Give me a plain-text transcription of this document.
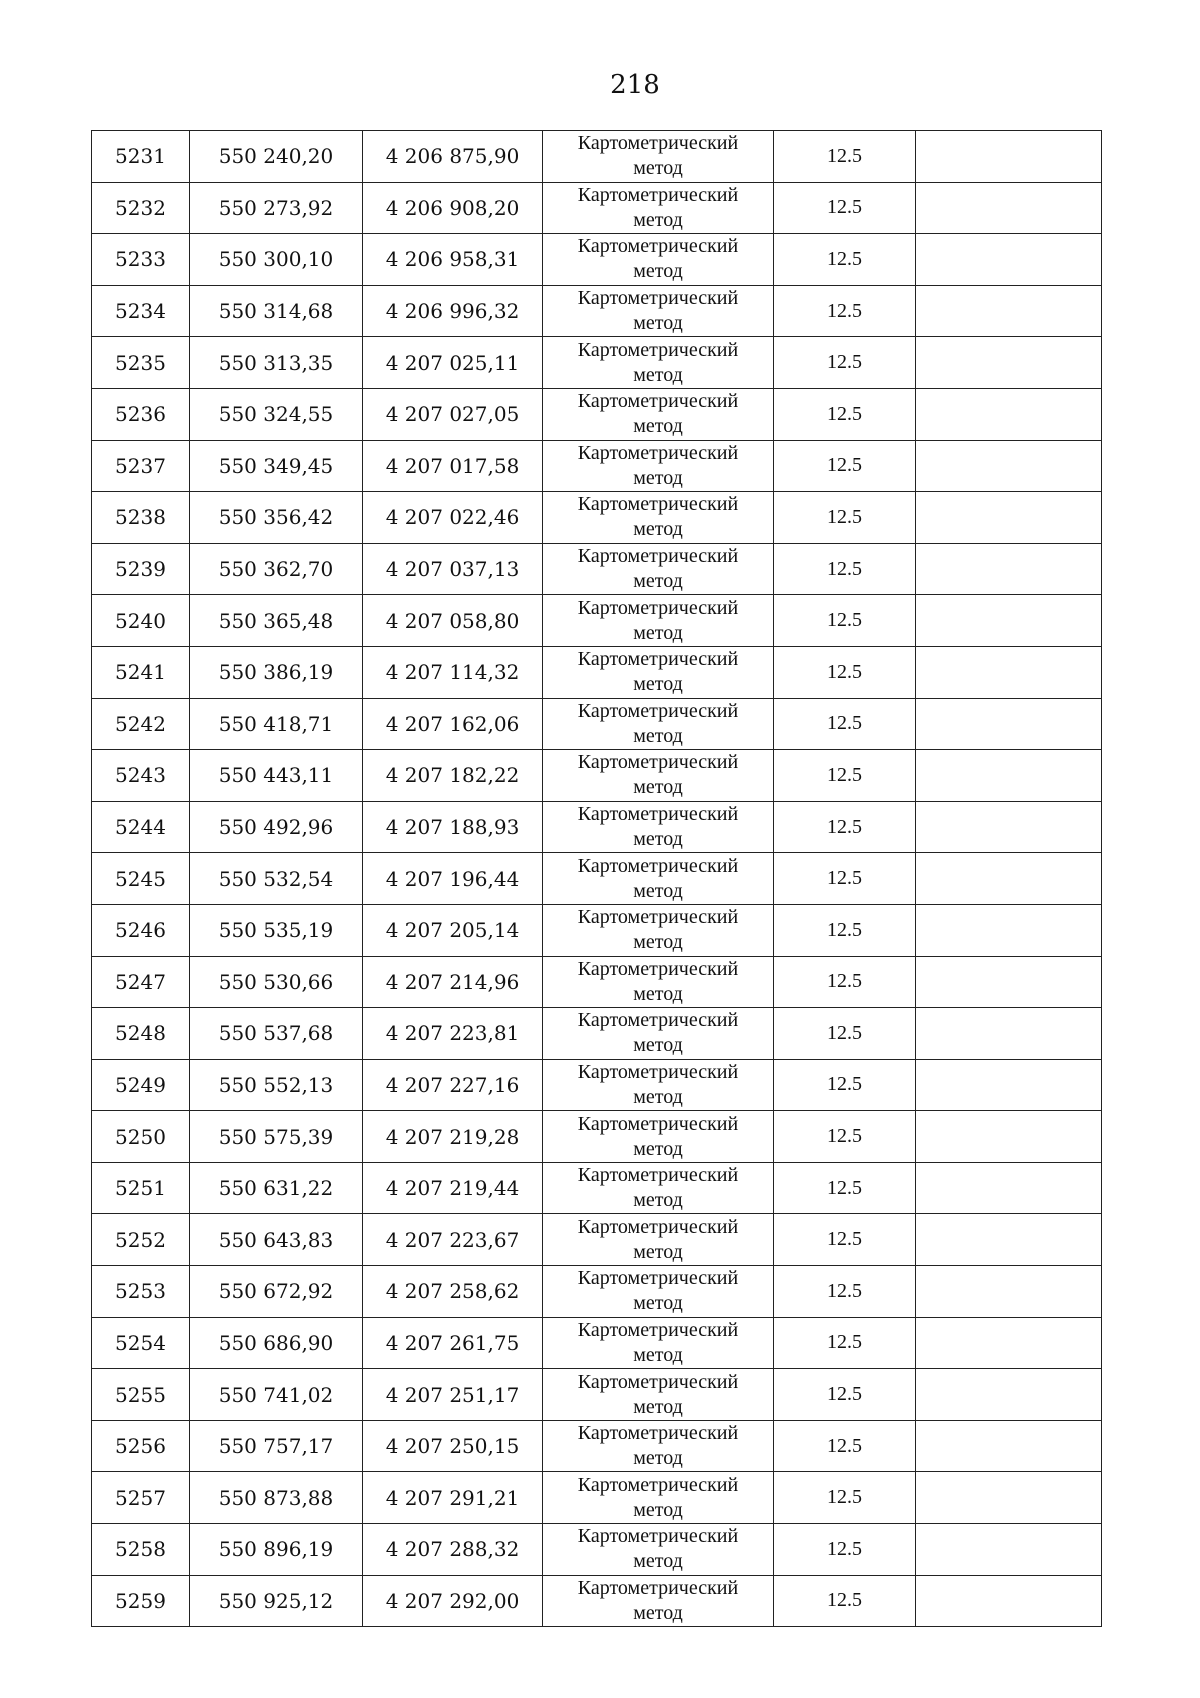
218
5231	550 240,20	4 206 875,90	Картометрический
метод	12.5	
5232	550 273,92	4 206 908,20	Картометрический
метод	12.5	
5233	550 300,10	4 206 958,31	Картометрический
метод	12.5	
5234	550 314,68	4 206 996,32	Картометрический
метод	12.5	
5235	550 313,35	4 207 025,11	Картометрический
метод	12.5	
5236	550 324,55	4 207 027,05	Картометрический
метод	12.5	
5237	550 349,45	4 207 017,58	Картометрический
метод	12.5	
5238	550 356,42	4 207 022,46	Картометрический
метод	12.5	
5239	550 362,70	4 207 037,13	Картометрический
метод	12.5	
5240	550 365,48	4 207 058,80	Картометрический
метод	12.5	
5241	550 386,19	4 207 114,32	Картометрический
метод	12.5	
5242	550 418,71	4 207 162,06	Картометрический
метод	12.5	
5243	550 443,11	4 207 182,22	Картометрический
метод	12.5	
5244	550 492,96	4 207 188,93	Картометрический
метод	12.5	
5245	550 532,54	4 207 196,44	Картометрический
метод	12.5	
5246	550 535,19	4 207 205,14	Картометрический
метод	12.5	
5247	550 530,66	4 207 214,96	Картометрический
метод	12.5	
5248	550 537,68	4 207 223,81	Картометрический
метод	12.5	
5249	550 552,13	4 207 227,16	Картометрический
метод	12.5	
5250	550 575,39	4 207 219,28	Картометрический
метод	12.5	
5251	550 631,22	4 207 219,44	Картометрический
метод	12.5	
5252	550 643,83	4 207 223,67	Картометрический
метод	12.5	
5253	550 672,92	4 207 258,62	Картометрический
метод	12.5	
5254	550 686,90	4 207 261,75	Картометрический
метод	12.5	
5255	550 741,02	4 207 251,17	Картометрический
метод	12.5	
5256	550 757,17	4 207 250,15	Картометрический
метод	12.5	
5257	550 873,88	4 207 291,21	Картометрический
метод	12.5	
5258	550 896,19	4 207 288,32	Картометрический
метод	12.5	
5259	550 925,12	4 207 292,00	Картометрический
метод	12.5	
